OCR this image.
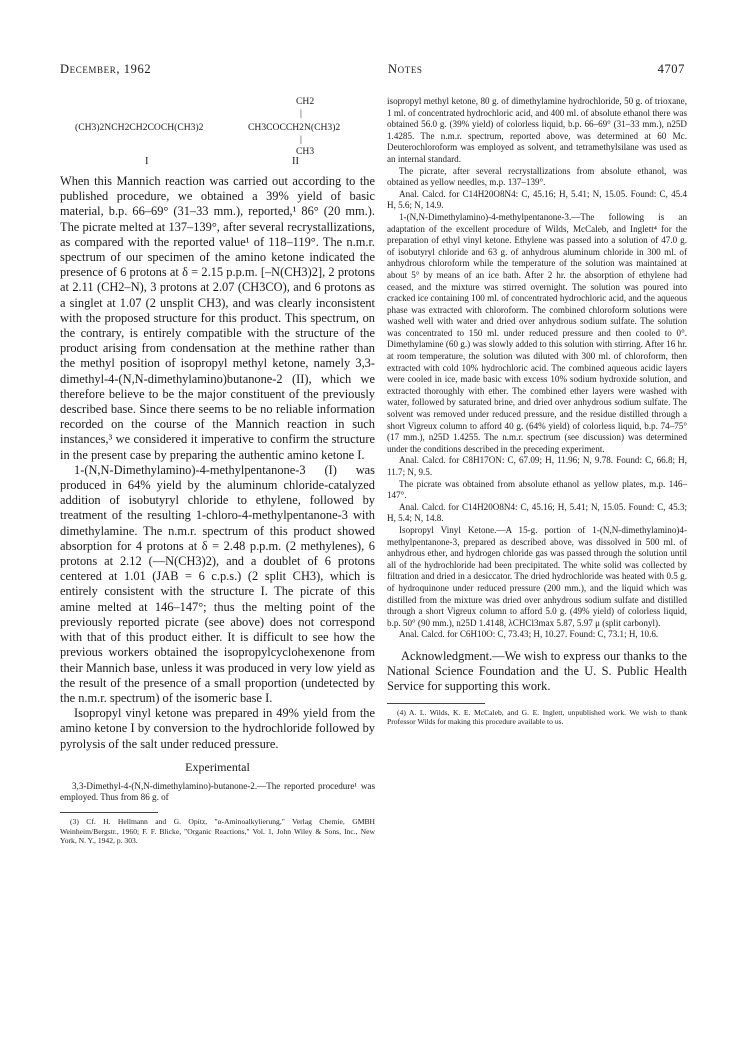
December, 1962	Notes	4707
(CH3)2NCH2CH2COCH(CH3)2
CH2
|
CH3COCCH2N(CH3)2
|
CH3
I	II

When this Mannich reaction was carried out according to the published procedure, we obtained a 39% yield of basic material, b.p. 66–69° (31–33 mm.), reported,¹ 86° (20 mm.). The picrate melted at 137–139°, after several recrystallizations, as compared with the reported value¹ of 118–119°. The n.m.r. spectrum of our specimen of the amino ketone indicated the presence of 6 protons at δ = 2.15 p.p.m. [–N(CH3)2], 2 protons at 2.11 (CH2–N), 3 protons at 2.07 (CH3CO), and 6 protons as a singlet at 1.07 (2 unsplit CH3), and was clearly inconsistent with the proposed structure for this product. This spectrum, on the contrary, is entirely compatible with the structure of the product arising from condensation at the methine rather than the methyl position of isopropyl methyl ketone, namely 3,3-dimethyl-4-(N,N-dimethylamino)butanone-2 (II), which we therefore believe to be the major constituent of the previously described base. Since there seems to be no reliable information recorded on the course of the Mannich reaction in such instances,³ we considered it imperative to confirm the structure in the present case by preparing the authentic amino ketone I.

1-(N,N-Dimethylamino)-4-methylpentanone-3 (I) was produced in 64% yield by the aluminum chloride-catalyzed addition of isobutyryl chloride to ethylene, followed by treatment of the resulting 1-chloro-4-methylpentanone-3 with dimethylamine. The n.m.r. spectrum of this product showed absorption for 4 protons at δ = 2.48 p.p.m. (2 methylenes), 6 protons at 2.12 (—N(CH3)2), and a doublet of 6 protons centered at 1.01 (JAB = 6 c.p.s.) (2 split CH3), which is entirely consistent with the structure I. The picrate of this amine melted at 146–147°; thus the melting point of the previously reported picrate (see above) does not correspond with that of this product either. It is difficult to see how the previous workers obtained the isopropylcyclohexenone from their Mannich base, unless it was produced in very low yield as the result of the presence of a small proportion (undetected by the n.m.r. spectrum) of the isomeric base I.

Isopropyl vinyl ketone was prepared in 49% yield from the amino ketone I by conversion to the hydrochloride followed by pyrolysis of the salt under reduced pressure.

Experimental

3,3-Dimethyl-4-(N,N-dimethylamino)-butanone-2.—The reported procedure¹ was employed. Thus from 86 g. of

(3) Cf. H. Hellmann and G. Opitz, "α-Aminoalkylierung," Verlag Chemie, GMBH Weinheim/Bergstr., 1960; F. F. Blicke, "Organic Reactions," Vol. 1, John Wiley & Sons, Inc., New York, N. Y., 1942, p. 303.

isopropyl methyl ketone, 80 g. of dimethylamine hydrochloride, 50 g. of trioxane, 1 ml. of concentrated hydrochloric acid, and 400 ml. of absolute ethanol there was obtained 56.0 g. (39% yield) of colorless liquid, b.p. 66–69° (31–33 mm.), n25D 1.4285. The n.m.r. spectrum, reported above, was determined at 60 Mc. Deuterochloroform was employed as solvent, and tetramethylsilane was used as an internal standard.

The picrate, after several recrystallizations from absolute ethanol, was obtained as yellow needles, m.p. 137–139°.

Anal. Calcd. for C14H20O8N4: C, 45.16; H, 5.41; N, 15.05. Found: C, 45.4 H, 5.6; N, 14.9.

1-(N,N-Dimethylamino)-4-methylpentanone-3.—The following is an adaptation of the excellent procedure of Wilds, McCaleb, and Inglett⁴ for the preparation of ethyl vinyl ketone. Ethylene was passed into a solution of 47.0 g. of isobutyryl chloride and 63 g. of anhydrous aluminum chloride in 300 ml. of anhydrous chloroform while the temperature of the solution was maintained at about 5° by means of an ice bath. After 2 hr. the absorption of ethylene had ceased, and the mixture was stirred overnight. The solution was poured into cracked ice containing 100 ml. of concentrated hydrochloric acid, and the aqueous phase was extracted with chloroform. The combined chloroform solutions were washed well with water and dried over anhydrous sodium sulfate. The solution was concentrated to 150 ml. under reduced pressure and then cooled to 0°. Dimethylamine (60 g.) was slowly added to this solution with stirring. After 16 hr. at room temperature, the solution was diluted with 300 ml. of chloroform, then extracted with cold 10% hydrochloric acid. The combined aqueous acidic layers were cooled in ice, made basic with excess 10% sodium hydroxide solution, and extracted thoroughly with ether. The combined ether layers were washed with water, followed by saturated brine, and dried over anhydrous sodium sulfate. The solvent was removed under reduced pressure, and the residue distilled through a short Vigreux column to afford 40 g. (64% yield) of colorless liquid, b.p. 74–75° (17 mm.), n25D 1.4255. The n.m.r. spectrum (see discussion) was determined under the conditions described in the preceding experiment.

Anal. Calcd. for C8H17ON: C, 67.09; H, 11.96; N, 9.78. Found: C, 66.8; H, 11.7; N, 9.5.

The picrate was obtained from absolute ethanol as yellow plates, m.p. 146–147°.

Anal. Calcd. for C14H20O8N4: C, 45.16; H, 5.41; N, 15.05. Found: C, 45.3; H, 5.4; N, 14.8.

Isopropyl Vinyl Ketone.—A 15-g. portion of 1-(N,N-dimethylamino)4-methylpentanone-3, prepared as described above, was dissolved in 500 ml. of anhydrous ether, and hydrogen chloride gas was passed through the solution until all of the hydrochloride had been precipitated. The white solid was collected by filtration and dried in a desiccator. The dried hydrochloride was heated with 0.5 g. of hydroquinone under reduced pressure (200 mm.), and the liquid which was distilled from the mixture was dried over anhydrous sodium sulfate and distilled through a short Vigreux column to afford 5.0 g. (49% yield) of colorless liquid, b.p. 50° (90 mm.), n25D 1.4148, λCHCl3max 5.87, 5.97 μ (split carbonyl).

Anal. Calcd. for C6H10O: C, 73.43; H, 10.27. Found: C, 73.1; H, 10.6.

Acknowledgment.—We wish to express our thanks to the National Science Foundation and the U. S. Public Health Service for supporting this work.

(4) A. L. Wilds, K. E. McCaleb, and G. E. Inglett, unpublished work. We wish to thank Professor Wilds for making this procedure available to us.
